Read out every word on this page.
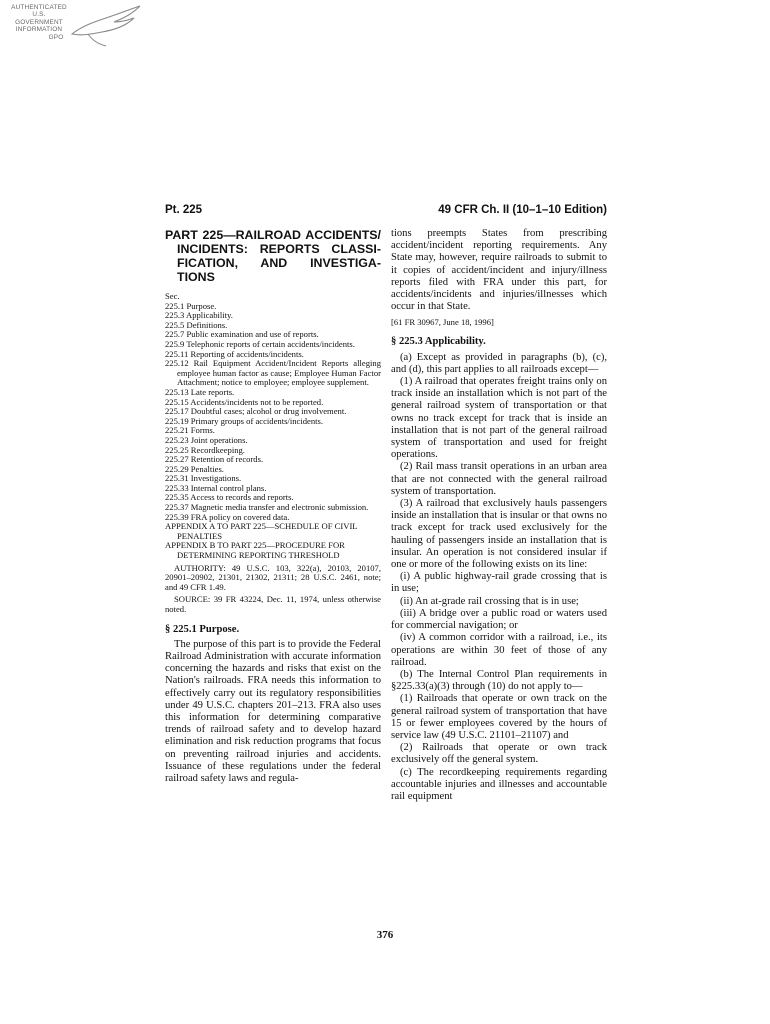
AUTHENTICATED
U.S. GOVERNMENT
INFORMATION
GPO
Pt. 225	49 CFR Ch. II (10–1–10 Edition)
PART 225—RAILROAD ACCIDENTS/ INCIDENTS: REPORTS CLASSI- FICATION, AND INVESTIGA- TIONS
Sec.
225.1 Purpose.
225.3 Applicability.
225.5 Definitions.
225.7 Public examination and use of reports.
225.9 Telephonic reports of certain accidents/incidents.
225.11 Reporting of accidents/incidents.
225.12 Rail Equipment Accident/Incident Reports alleging employee human factor as cause; Employee Human Factor Attachment; notice to employee; employee supplement.
225.13 Late reports.
225.15 Accidents/incidents not to be reported.
225.17 Doubtful cases; alcohol or drug involvement.
225.19 Primary groups of accidents/incidents.
225.21 Forms.
225.23 Joint operations.
225.25 Recordkeeping.
225.27 Retention of records.
225.29 Penalties.
225.31 Investigations.
225.33 Internal control plans.
225.35 Access to records and reports.
225.37 Magnetic media transfer and electronic submission.
225.39 FRA policy on covered data.
APPENDIX A TO PART 225—SCHEDULE OF CIVIL PENALTIES
APPENDIX B TO PART 225—PROCEDURE FOR DETERMINING REPORTING THRESHOLD

AUTHORITY: 49 U.S.C. 103, 322(a), 20103, 20107, 20901–20902, 21301, 21302, 21311; 28 U.S.C. 2461, note; and 49 CFR 1.49.

SOURCE: 39 FR 43224, Dec. 11, 1974, unless otherwise noted.

§ 225.1 Purpose.

The purpose of this part is to provide the Federal Railroad Administration with accurate information concerning the hazards and risks that exist on the Nation's railroads. FRA needs this information to effectively carry out its regulatory responsibilities under 49 U.S.C. chapters 201–213. FRA also uses this information for determining comparative trends of railroad safety and to develop hazard elimination and risk reduction programs that focus on preventing railroad injuries and accidents. Issuance of these regulations under the federal railroad safety laws and regula-

tions preempts States from prescribing accident/incident reporting requirements. Any State may, however, require railroads to submit to it copies of accident/incident and injury/illness reports filed with FRA under this part, for accidents/incidents and injuries/illnesses which occur in that State.

[61 FR 30967, June 18, 1996]
§ 225.3 Applicability.

(a) Except as provided in paragraphs (b), (c), and (d), this part applies to all railroads except—

(1) A railroad that operates freight trains only on track inside an installation which is not part of the general railroad system of transportation or that owns no track except for track that is inside an installation that is not part of the general railroad system of transportation and used for freight operations.

(2) Rail mass transit operations in an urban area that are not connected with the general railroad system of transportation.

(3) A railroad that exclusively hauls passengers inside an installation that is insular or that owns no track except for track used exclusively for the hauling of passengers inside an installation that is insular. An operation is not considered insular if one or more of the following exists on its line:

(i) A public highway-rail grade crossing that is in use;

(ii) An at-grade rail crossing that is in use;

(iii) A bridge over a public road or waters used for commercial navigation; or

(iv) A common corridor with a railroad, i.e., its operations are within 30 feet of those of any railroad.

(b) The Internal Control Plan requirements in §225.33(a)(3) through (10) do not apply to—

(1) Railroads that operate or own track on the general railroad system of transportation that have 15 or fewer employees covered by the hours of service law (49 U.S.C. 21101–21107) and

(2) Railroads that operate or own track exclusively off the general system.

(c) The recordkeeping requirements regarding accountable injuries and illnesses and accountable rail equipment

376
